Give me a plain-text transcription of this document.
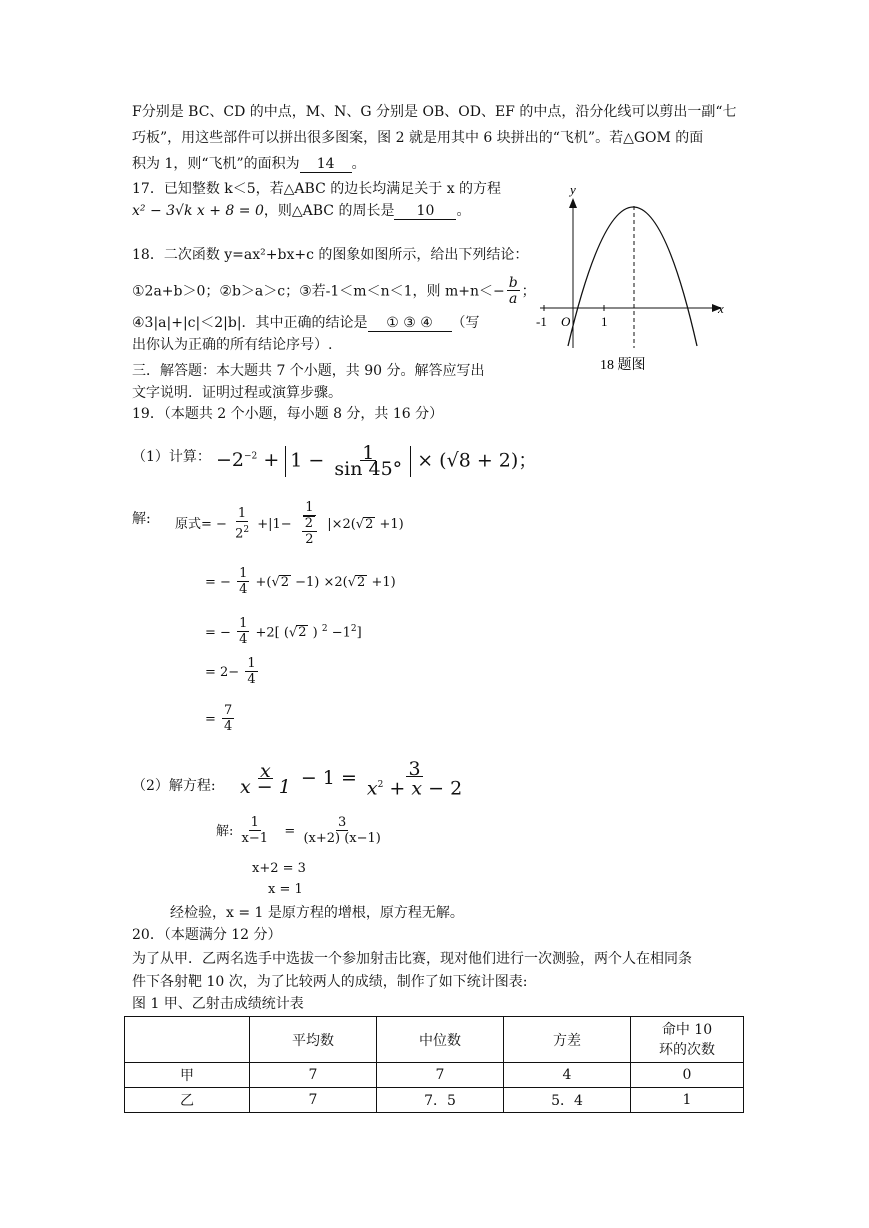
F分别是 BC、CD 的中点，M、N、G 分别是 OB、OD、EF 的中点，沿分化线可以剪出一副“七
巧板”，用这些部件可以拼出很多图案，图 2 就是用其中 6 块拼出的“飞机”。若△GOM 的面
积为 1，则“飞机”的面积为 14 。
17．已知整数 k＜5，若△ABC 的边长均满足关于 x 的方程
x² − 3√k x + 8 = 0，则△ABC 的周长是 10 。
18．二次函数 y=ax²+bx+c 的图象如图所示，给出下列结论：
①2a+b＞0；②b＞a＞c；③若-1＜m＜n＜1，则 $m+n<- \frac{b}{a}$ ；
④3|a|+|c|＜2|b|．其中正确的结论是 ① ③ ④ （写
出你认为正确的所有结论序号）.
y
x
-1 O 1
18 题图
三．解答题：本大题共 7 个小题，共 90 分。解答应写出
文字说明．证明过程或演算步骤。
19．（本题共 2 个小题，每小题 8 分，共 16 分）
（1）计算： $-2^{-2} + 1 - \frac{1}{\sin 45^\circ} \times (√8 + 2)$；
解: 原式= − $\frac{1}{2^2} +|1- \frac{1}{\frac{2}{2}} |\times 2(√2 +1)$
= − $\frac{1}{4} +(√2 -1) \times 2(√2 +1)$
= − $\frac{1}{4} +2$[ (√2 ) $^2 -1^2$]
= $2- \frac{1}{4}$
= $\frac{7}{4}$
（2）解方程: $\frac{x}{x - 1} - 1 = \frac{3}{x^2 + x - 2}$
解: $\frac{1}{x-1} = \frac{3}{(x+2) (x-1)}$
x+2 = 3
x = 1
经检验，x = 1 是原方程的增根，原方程无解。
20．（本题满分 12 分）
为了从甲．乙两名选手中选拔一个参加射击比赛，现对他们进行一次测验，两个人在相同条
件下各射靶 10 次，为了比较两人的成绩，制作了如下统计图表:
图 1 甲、乙射击成绩统计表
	平均数	中位数	方差	命中 10
环的次数
甲	7	7	4	0
乙	7	7．5	5．4	1
